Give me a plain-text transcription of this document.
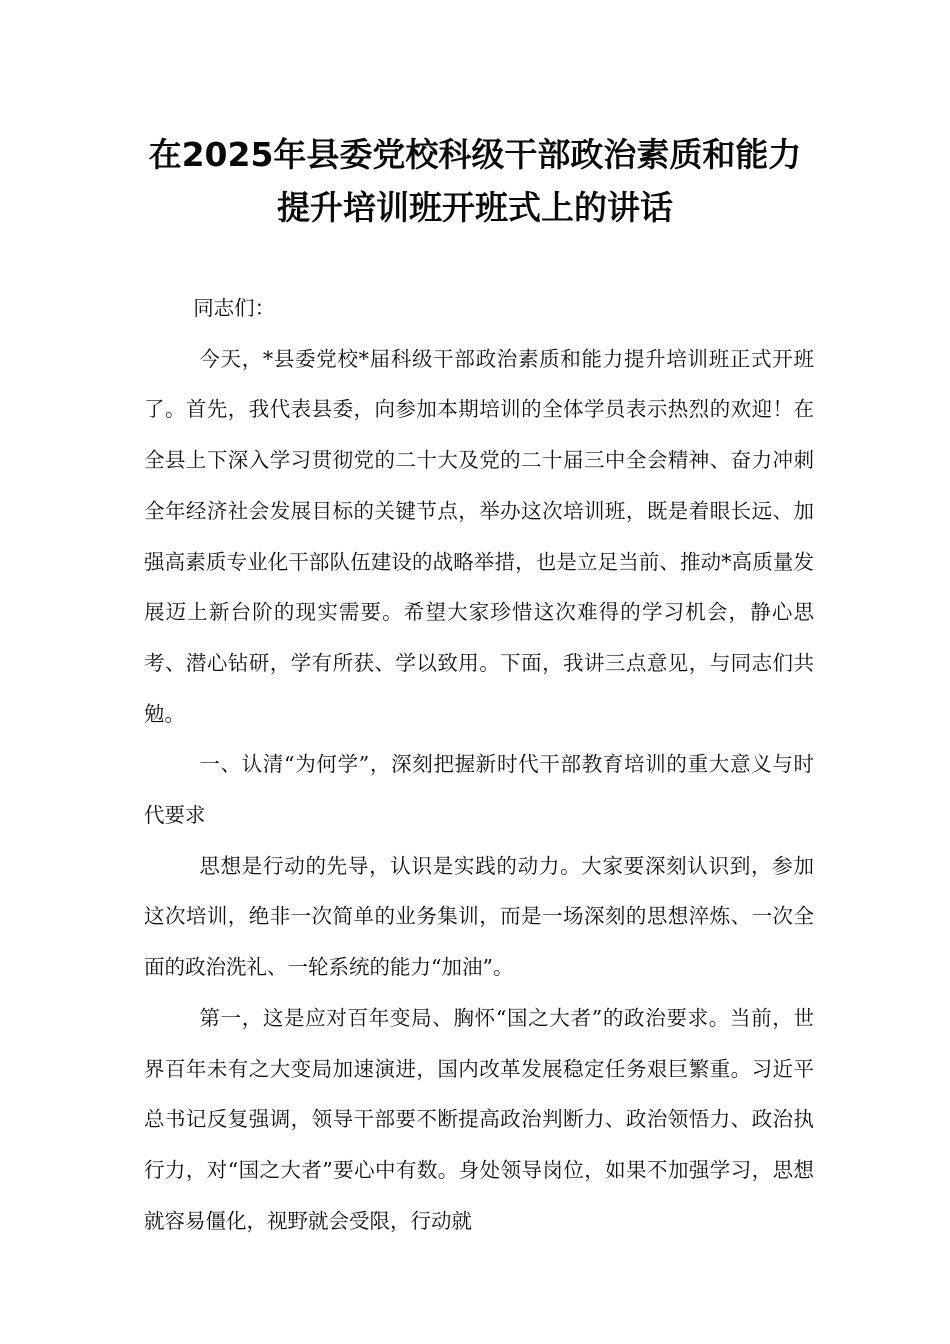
在2025年县委党校科级干部政治素质和能力提升培训班开班式上的讲话

同志们：

今天，*县委党校*届科级干部政治素质和能力提升培训班正式开班了。首先，我代表县委，向参加本期培训的全体学员表示热烈的欢迎！在全县上下深入学习贯彻党的二十大及党的二十届三中全会精神、奋力冲刺全年经济社会发展目标的关键节点，举办这次培训班，既是着眼长远、加强高素质专业化干部队伍建设的战略举措，也是立足当前、推动*高质量发展迈上新台阶的现实需要。希望大家珍惜这次难得的学习机会，静心思考、潜心钻研，学有所获、学以致用。下面，我讲三点意见，与同志们共勉。

一、认清“为何学”，深刻把握新时代干部教育培训的重大意义与时代要求

思想是行动的先导，认识是实践的动力。大家要深刻认识到，参加这次培训，绝非一次简单的业务集训，而是一场深刻的思想淬炼、一次全面的政治洗礼、一轮系统的能力“加油”。

第一，这是应对百年变局、胸怀“国之大者”的政治要求。当前，世界百年未有之大变局加速演进，国内改革发展稳定任务艰巨繁重。习近平总书记反复强调，领导干部要不断提高政治判断力、政治领悟力、政治执行力，对“国之大者”要心中有数。身处领导岗位，如果不加强学习，思想就容易僵化，视野就会受限，行动就
